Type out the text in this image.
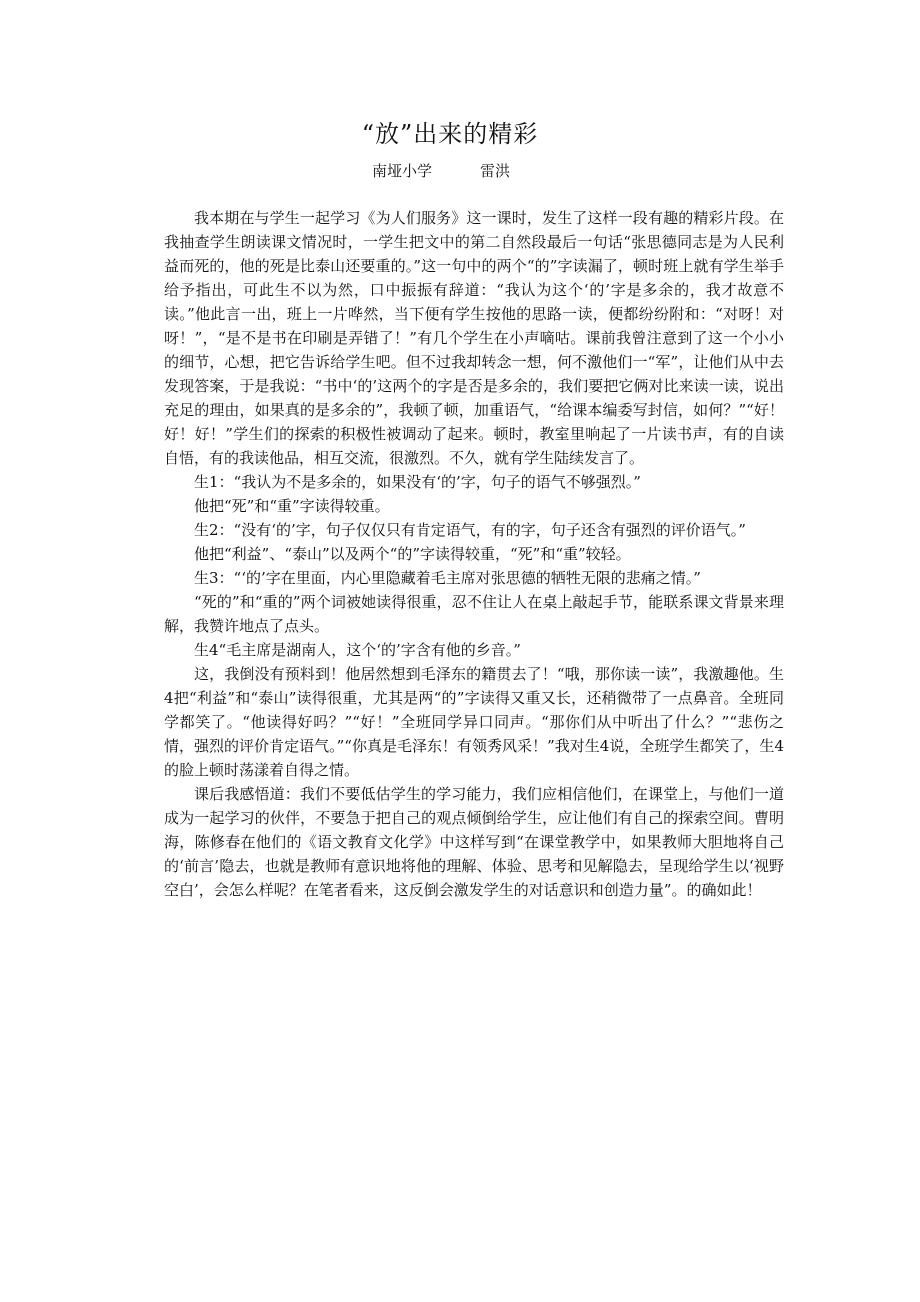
“放”出来的精彩
南垭小学	雷洪

我本期在与学生一起学习《为人们服务》这一课时，发生了这样一段有趣的精彩片段。在我抽查学生朗读课文情况时，一学生把文中的第二自然段最后一句话“张思德同志是为人民利益而死的，他的死是比泰山还要重的。”这一句中的两个“的”字读漏了，顿时班上就有学生举手给予指出，可此生不以为然，口中振振有辞道：“我认为这个‘的’字是多余的，我才故意不读。”他此言一出，班上一片哗然，当下便有学生按他的思路一读，便都纷纷附和：“对呀！对呀！”，“是不是书在印刷是弄错了！”有几个学生在小声嘀咕。课前我曾注意到了这一个小小的细节，心想，把它告诉给学生吧。但不过我却转念一想，何不激他们一“军”，让他们从中去发现答案，于是我说：“书中‘的’这两个的字是否是多余的，我们要把它俩对比来读一读，说出充足的理由，如果真的是多余的”，我顿了顿，加重语气，“给课本编委写封信，如何？”“好！好！好！”学生们的探索的积极性被调动了起来。顿时，教室里响起了一片读书声，有的自读自悟，有的我读他品，相互交流，很激烈。不久，就有学生陆续发言了。

生1：“我认为不是多余的，如果没有‘的’字，句子的语气不够强烈。”

他把“死”和“重”字读得较重。

生2：“没有‘的’字，句子仅仅只有肯定语气，有的字，句子还含有强烈的评价语气。”

他把“利益”、“泰山”以及两个“的”字读得较重，“死”和“重”较轻。

生3：“‘的’字在里面，内心里隐藏着毛主席对张思德的牺牲无限的悲痛之情。”

“死的”和“重的”两个词被她读得很重，忍不住让人在桌上敲起手节，能联系课文背景来理解，我赞许地点了点头。

生4“毛主席是湖南人，这个‘的’字含有他的乡音。”

这，我倒没有预料到！他居然想到毛泽东的籍贯去了！“哦，那你读一读”，我激趣他。生4把“利益”和“泰山”读得很重，尤其是两“的”字读得又重又长，还稍微带了一点鼻音。全班同学都笑了。“他读得好吗？”“好！”全班同学异口同声。“那你们从中听出了什么？”“悲伤之情，强烈的评价肯定语气。”“你真是毛泽东！有领秀风采！”我对生4说，全班学生都笑了，生4的脸上顿时荡漾着自得之情。

课后我感悟道：我们不要低估学生的学习能力，我们应相信他们，在课堂上，与他们一道成为一起学习的伙伴，不要急于把自己的观点倾倒给学生，应让他们有自己的探索空间。曹明海，陈修春在他们的《语文教育文化学》中这样写到“在课堂教学中，如果教师大胆地将自己的‘前言’隐去，也就是教师有意识地将他的理解、体验、思考和见解隐去，呈现给学生以‘视野空白’，会怎么样呢？在笔者看来，这反倒会激发学生的对话意识和创造力量”。的确如此！
